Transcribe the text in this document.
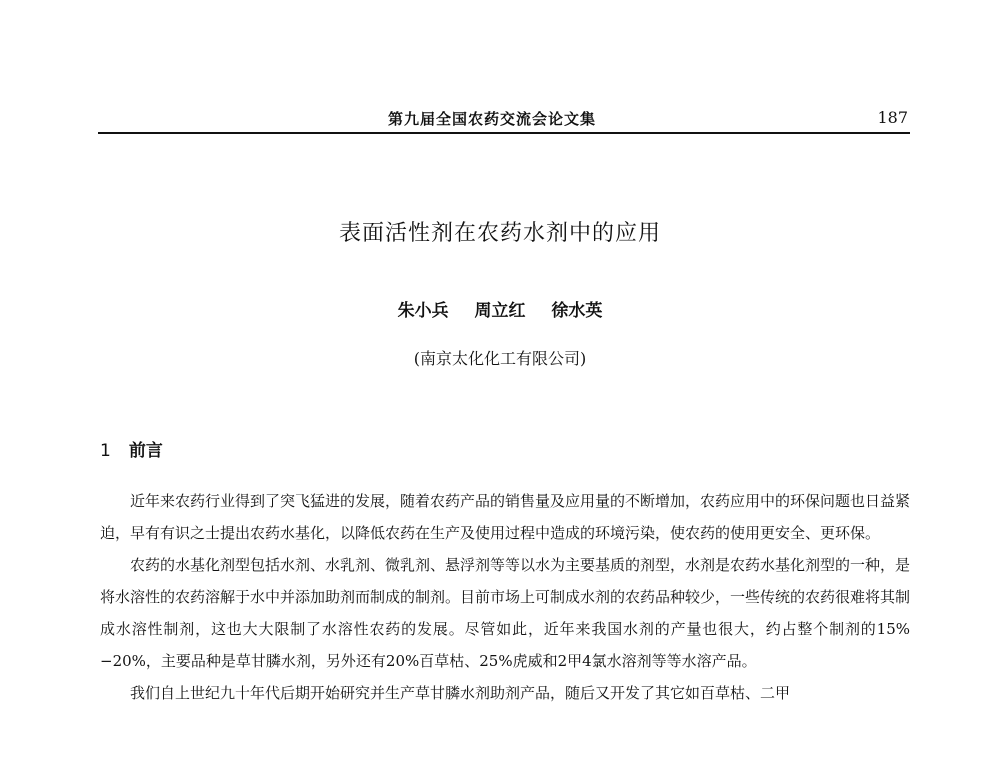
第九届全国农药交流会论文集	187
表面活性剂在农药水剂中的应用
朱小兵 周立红 徐水英
(南京太化化工有限公司)
1 前言

近年来农药行业得到了突飞猛进的发展，随着农药产品的销售量及应用量的不断增加，农药应用中的环保问题也日益紧迫，早有有识之士提出农药水基化，以降低农药在生产及使用过程中造成的环境污染，使农药的使用更安全、更环保。

农药的水基化剂型包括水剂、水乳剂、微乳剂、悬浮剂等等以水为主要基质的剂型，水剂是农药水基化剂型的一种，是将水溶性的农药溶解于水中并添加助剂而制成的制剂。目前市场上可制成水剂的农药品种较少，一些传统的农药很难将其制成水溶性制剂，这也大大限制了水溶性农药的发展。尽管如此，近年来我国水剂的产量也很大，约占整个制剂的15%−20%，主要品种是草甘膦水剂，另外还有20%百草枯、25%虎威和2甲4氯水溶剂等等水溶产品。

我们自上世纪九十年代后期开始研究并生产草甘膦水剂助剂产品，随后又开发了其它如百草枯、二甲
